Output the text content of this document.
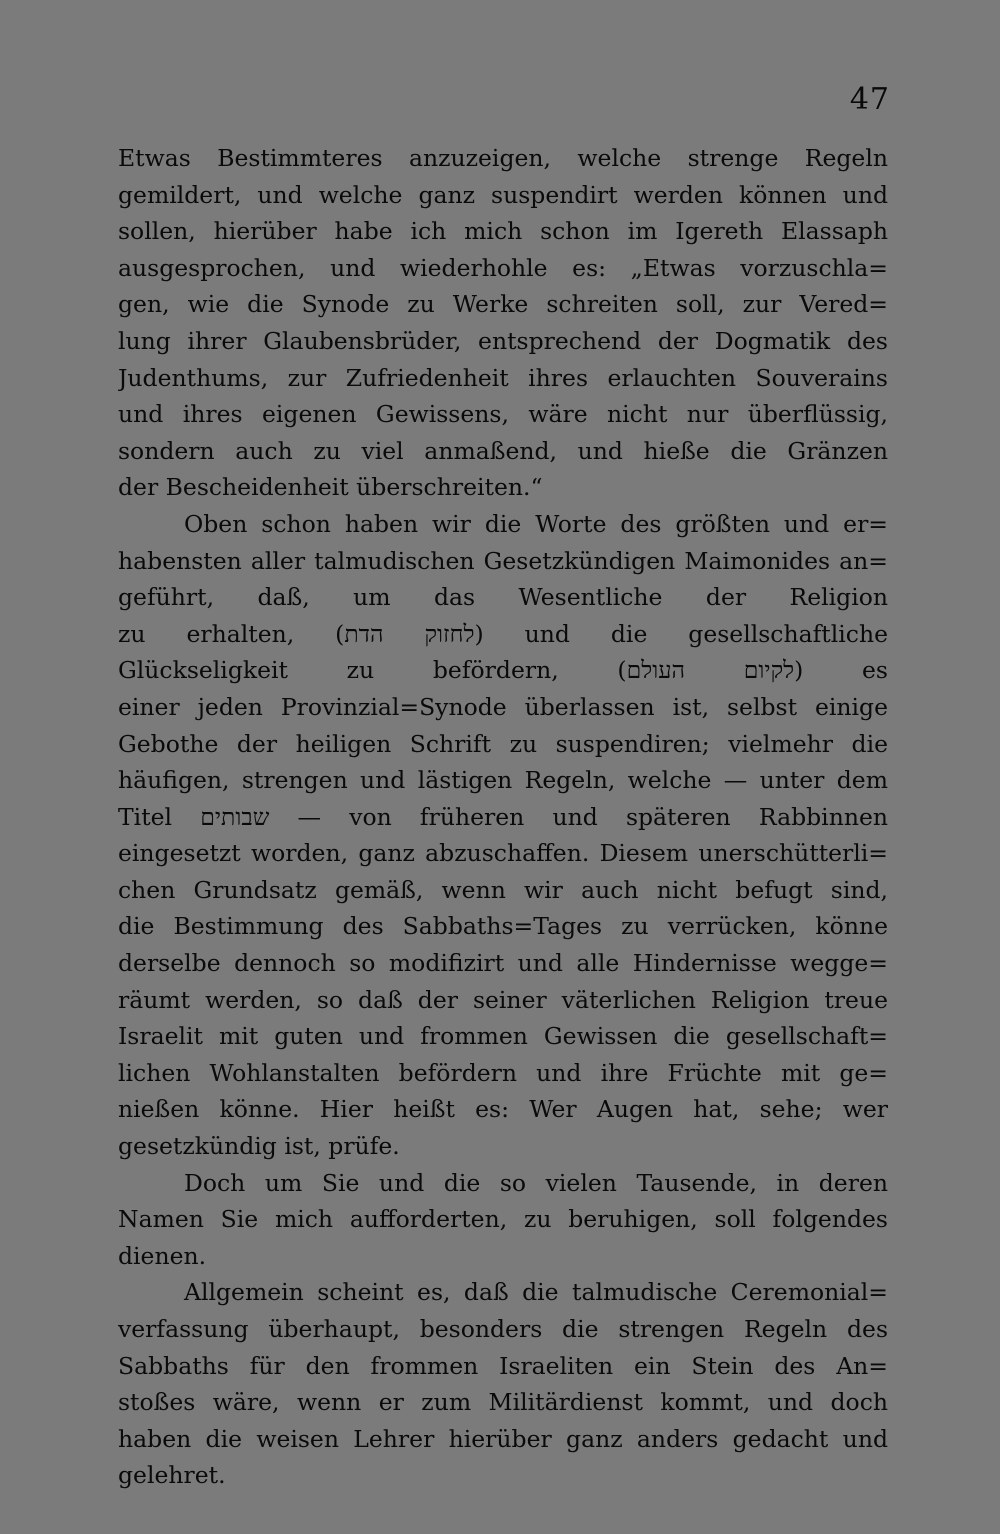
47
Etwas Bestimmteres anzuzeigen, welche strenge Regeln
gemildert, und welche ganz suspendirt werden können und
sollen, hierüber habe ich mich schon im Igereth Elassaph
ausgesprochen, und wiederhohle es: „Etwas vorzuschla=
gen, wie die Synode zu Werke schreiten soll, zur Vered=
lung ihrer Glaubensbrüder, entsprechend der Dogmatik des
Judenthums, zur Zufriedenheit ihres erlauchten Souverains
und ihres eigenen Gewissens, wäre nicht nur überflüssig,
sondern auch zu viel anmaßend, und hieße die Gränzen
der Bescheidenheit überschreiten.“
Oben schon haben wir die Worte des größten und er=
habensten aller talmudischen Gesetzkündigen Maimonides an=
geführt, daß, um das Wesentliche der Religion
zu erhalten, (לחזוק הדת) und die gesellschaftliche
Glückseligkeit zu befördern, (לקיום העולם) es
einer jeden Provinzial=Synode überlassen ist, selbst einige
Gebothe der heiligen Schrift zu suspendiren; vielmehr die
häufigen, strengen und lästigen Regeln, welche — unter dem
Titel שבותים — von früheren und späteren Rabbinnen
eingesetzt worden, ganz abzuschaffen. Diesem unerschütterli=
chen Grundsatz gemäß, wenn wir auch nicht befugt sind,
die Bestimmung des Sabbaths=Tages zu verrücken, könne
derselbe dennoch so modifizirt und alle Hindernisse wegge=
räumt werden, so daß der seiner väterlichen Religion treue
Israelit mit guten und frommen Gewissen die gesellschaft=
lichen Wohlanstalten befördern und ihre Früchte mit ge=
nießen könne. Hier heißt es: Wer Augen hat, sehe; wer
gesetzkündig ist, prüfe.
Doch um Sie und die so vielen Tausende, in deren
Namen Sie mich aufforderten, zu beruhigen, soll folgendes
dienen.
Allgemein scheint es, daß die talmudische Ceremonial=
verfassung überhaupt, besonders die strengen Regeln des
Sabbaths für den frommen Israeliten ein Stein des An=
stoßes wäre, wenn er zum Militärdienst kommt, und doch
haben die weisen Lehrer hierüber ganz anders gedacht und
gelehret.
